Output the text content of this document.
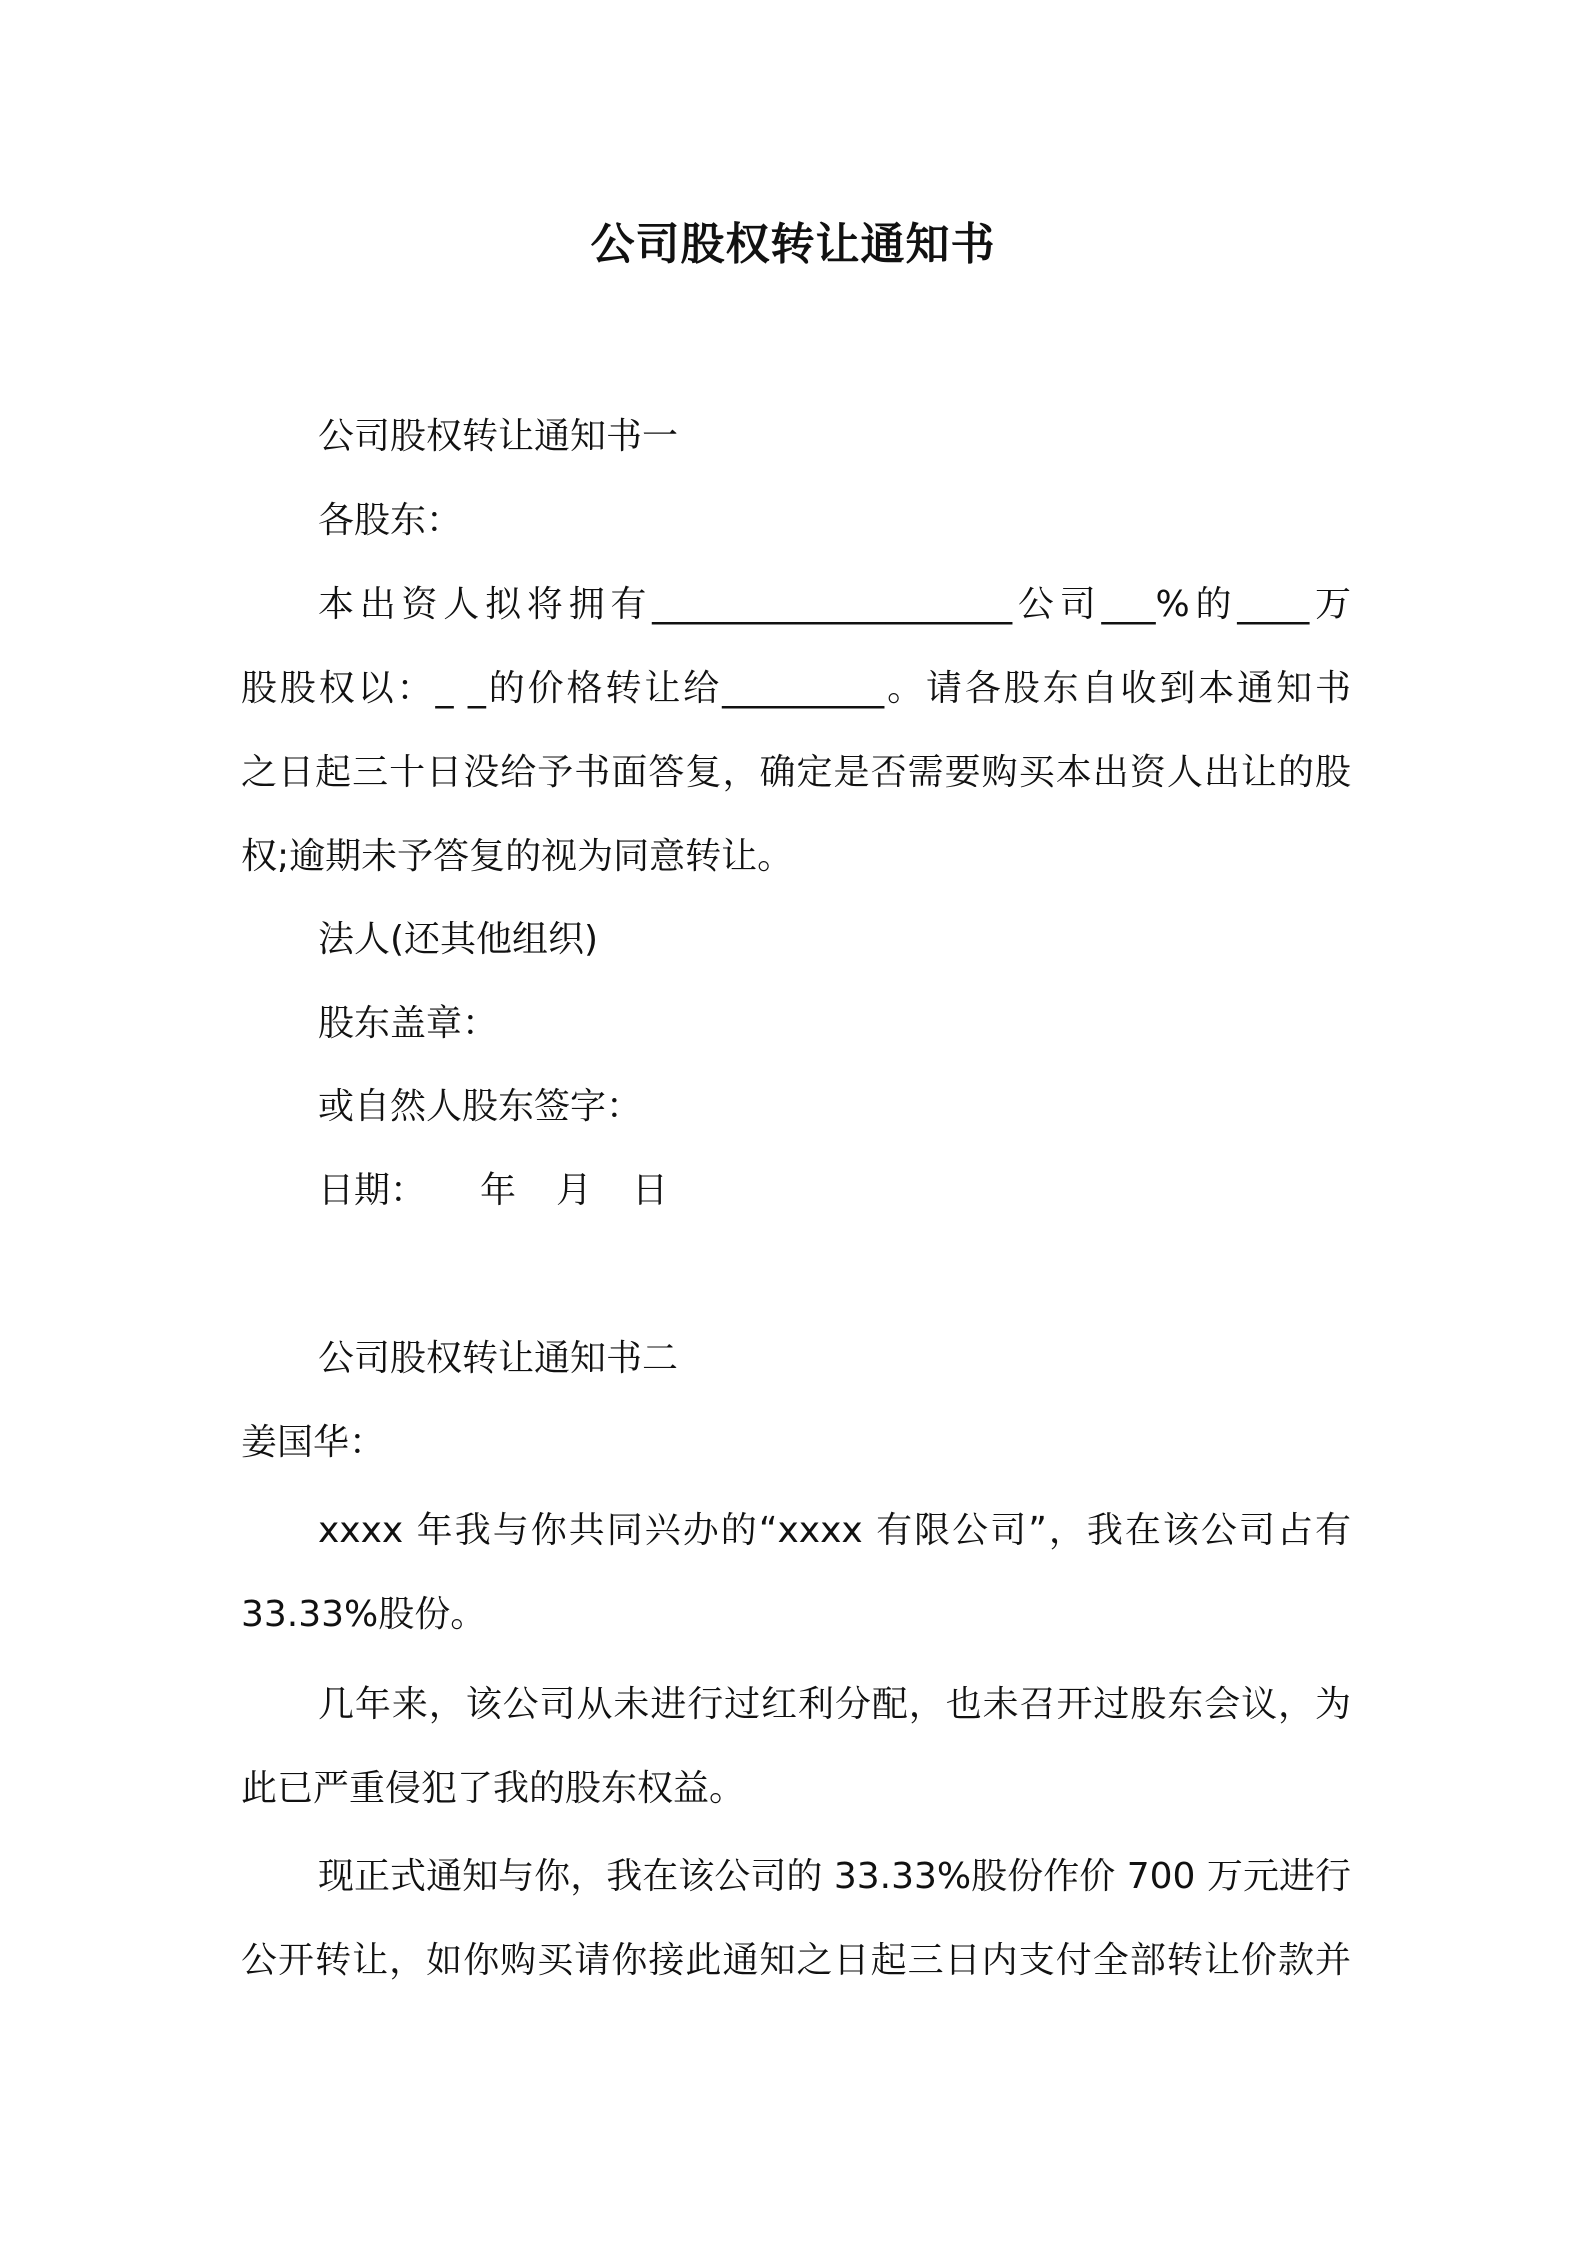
公司股权转让通知书
公司股权转让通知书一
各股东：
本出资人拟将拥有____________________公司___%的____万
股股权以：_ _的价格转让给_________。请各股东自收到本通知书
之日起三十日没给予书面答复，确定是否需要购买本出资人出让的股
权;逾期未予答复的视为同意转让。
法人(还其他组织)
股东盖章：
或自然人股东签字：
日期： 年 月 日
公司股权转让通知书二
姜国华：
xxxx 年我与你共同兴办的“xxxx 有限公司”，我在该公司占有
33.33%股份。
几年来，该公司从未进行过红利分配，也未召开过股东会议，为
此已严重侵犯了我的股东权益。
现正式通知与你，我在该公司的 33.33%股份作价 700 万元进行
公开转让，如你购买请你接此通知之日起三日内支付全部转让价款并
